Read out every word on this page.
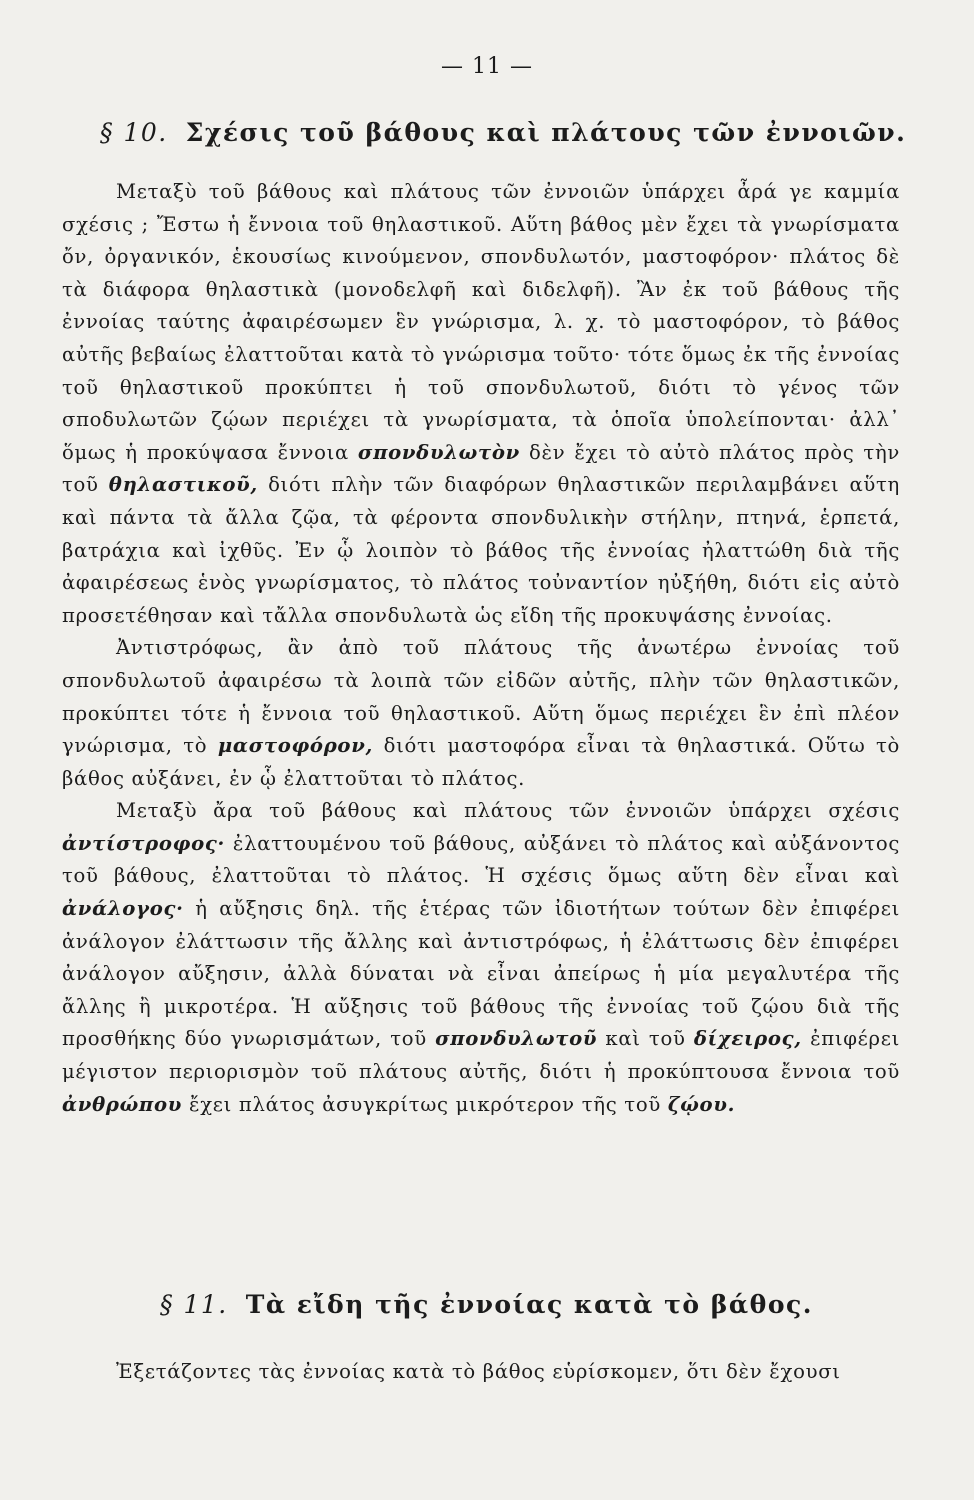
— 11 —
§ 10. Σχέσις τοῦ βάθους καὶ πλάτους τῶν ἐννοιῶν.

Μεταξὺ τοῦ βάθους καὶ πλάτους τῶν ἐννοιῶν ὑπάρχει ἆρά γε καμμία σχέσις ; Ἔστω ἡ ἔννοια τοῦ θηλαστικοῦ. Αὕτη βάθος μὲν ἔχει τὰ γνωρίσματα ὄν, ὀργανικόν, ἑκουσίως κινούμενον, σπονδυλωτόν, μαστοφόρον· πλάτος δὲ τὰ διάφορα θηλαστικὰ (μονοδελφῆ καὶ διδελφῆ). Ἂν ἐκ τοῦ βάθους τῆς ἐννοίας ταύτης ἀφαιρέσωμεν ἓν γνώρισμα, λ. χ. τὸ μαστοφόρον, τὸ βάθος αὐτῆς βεβαίως ἐλαττοῦται κατὰ τὸ γνώρισμα τοῦτο· τότε ὅμως ἐκ τῆς ἐννοίας τοῦ θηλαστικοῦ προκύπτει ἡ τοῦ σπονδυλωτοῦ, διότι τὸ γένος τῶν σποδυλωτῶν ζῴων περιέχει τὰ γνωρίσματα, τὰ ὁποῖα ὑπολείπονται· ἀλλ᾽ ὅμως ἡ προκύψασα ἔννοια σπονδυλωτὸν δὲν ἔχει τὸ αὐτὸ πλάτος πρὸς τὴν τοῦ θηλαστικοῦ, διότι πλὴν τῶν διαφόρων θηλαστικῶν περιλαμβάνει αὕτη καὶ πάντα τὰ ἄλλα ζῷα, τὰ φέροντα σπονδυλικὴν στήλην, πτηνά, ἑρπετά, βατράχια καὶ ἰχθῦς. Ἐν ᾧ λοιπὸν τὸ βάθος τῆς ἐννοίας ἠλαττώθη διὰ τῆς ἀφαιρέσεως ἑνὸς γνωρίσματος, τὸ πλάτος τοὐναντίον ηὐξήθη, διότι εἰς αὐτὸ προσετέθησαν καὶ τἄλλα σπονδυλωτὰ ὡς εἴδη τῆς προκυψάσης ἐννοίας.

Ἀντιστρόφως, ἂν ἀπὸ τοῦ πλάτους τῆς ἀνωτέρω ἐννοίας τοῦ σπονδυλωτοῦ ἀφαιρέσω τὰ λοιπὰ τῶν εἰδῶν αὐτῆς, πλὴν τῶν θηλαστικῶν, προκύπτει τότε ἡ ἔννοια τοῦ θηλαστικοῦ. Αὕτη ὅμως περιέχει ἓν ἐπὶ πλέον γνώρισμα, τὸ μαστοφόρον, διότι μαστοφόρα εἶναι τὰ θηλαστικά. Οὕτω τὸ βάθος αὐξάνει, ἐν ᾧ ἐλαττοῦται τὸ πλάτος.

Μεταξὺ ἄρα τοῦ βάθους καὶ πλάτους τῶν ἐννοιῶν ὑπάρχει σχέσις ἀντίστροφος· ἐλαττουμένου τοῦ βάθους, αὐξάνει τὸ πλάτος καὶ αὐξάνοντος τοῦ βάθους, ἐλαττοῦται τὸ πλάτος. Ἡ σχέσις ὅμως αὕτη δὲν εἶναι καὶ ἀνάλογος· ἡ αὔξησις δηλ. τῆς ἑτέρας τῶν ἰδιοτήτων τούτων δὲν ἐπιφέρει ἀνάλογον ἐλάττωσιν τῆς ἄλλης καὶ ἀντιστρόφως, ἡ ἐλάττωσις δὲν ἐπιφέρει ἀνάλογον αὔξησιν, ἀλλὰ δύναται νὰ εἶναι ἀπείρως ἡ μία μεγαλυτέρα τῆς ἄλλης ἢ μικροτέρα. Ἡ αὔξησις τοῦ βάθους τῆς ἐννοίας τοῦ ζῴου διὰ τῆς προσθήκης δύο γνωρισμάτων, τοῦ σπονδυλωτοῦ καὶ τοῦ δίχειρος, ἐπιφέρει μέγιστον περιορισμὸν τοῦ πλάτους αὐτῆς, διότι ἡ προκύπτουσα ἔννοια τοῦ ἀνθρώπου ἔχει πλάτος ἀσυγκρίτως μικρότερον τῆς τοῦ ζῴου.

§ 11. Τὰ εἴδη τῆς ἐννοίας κατὰ τὸ βάθος.

Ἐξετάζοντες τὰς ἐννοίας κατὰ τὸ βάθος εὑρίσκομεν, ὅτι δὲν ἔχουσι
